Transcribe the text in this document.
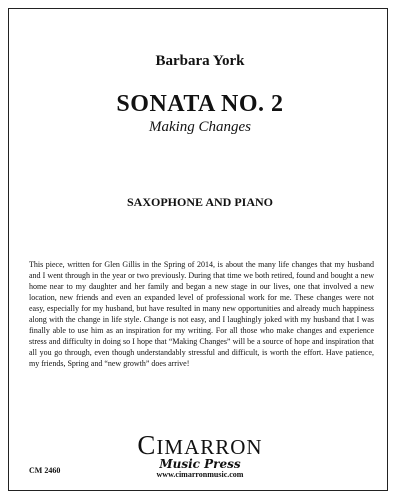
Barbara York
SONATA NO. 2
Making Changes
SAXOPHONE AND PIANO

This piece, written for Glen Gillis in the Spring of 2014, is about the many life changes that my husband and I went through in the year or two previously. During that time we both retired, found and bought a new home near to my daughter and her family and began a new stage in our lives, one that involved a new location, new friends and even an expanded level of professional work for me. These changes were not easy, especially for my husband, but have resulted in many new opportunities and already much happiness along with the change in life style. Change is not easy, and I laughingly joked with my husband that I was finally able to use him as an inspiration for my writing. For all those who make changes and experience stress and difficulty in doing so I hope that “Making Changes” will be a source of hope and inspiration that all you go through, even though understandably stressful and difficult, is worth the effort. Have patience, my friends, Spring and “new growth” does arrive!

CIMARRON
Music Press
www.cimarronmusic.com
CM 2460
